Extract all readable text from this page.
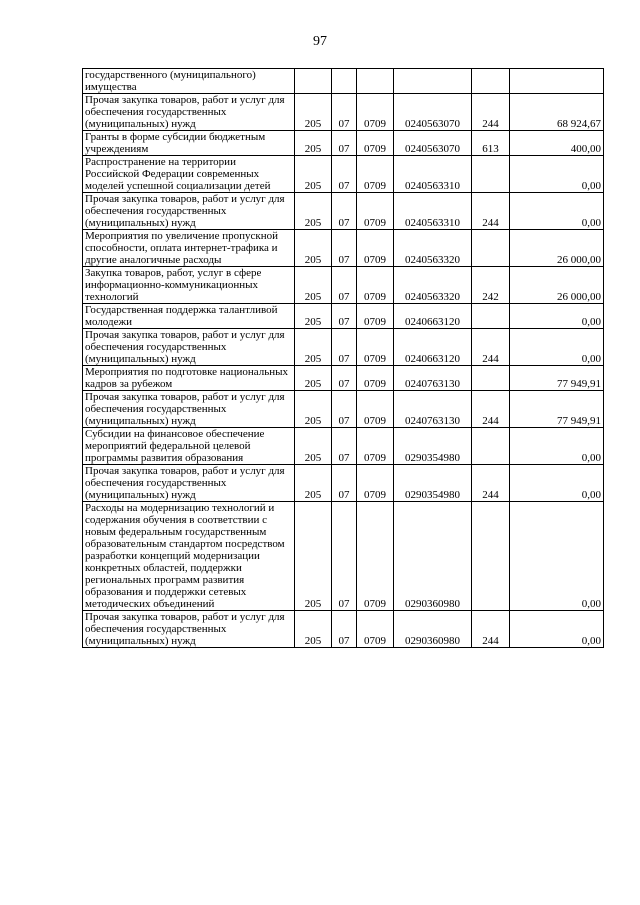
97
государственного (муниципального) имущества						
Прочая закупка товаров, работ и услуг для обеспечения государственных (муниципальных) нужд	205	07	0709	0240563070	244	68 924,67
Гранты в форме субсидии бюджетным учреждениям	205	07	0709	0240563070	613	400,00
Распространение на территории Российской Федерации современных моделей успешной социализации детей	205	07	0709	0240563310		0,00
Прочая закупка товаров, работ и услуг для обеспечения государственных (муниципальных) нужд	205	07	0709	0240563310	244	0,00
Мероприятия по увеличение пропускной способности, оплата интернет-трафика и другие аналогичные расходы	205	07	0709	0240563320		26 000,00
Закупка товаров, работ, услуг в сфере информационно-коммуникационных технологий	205	07	0709	0240563320	242	26 000,00
Государственная поддержка талантливой молодежи	205	07	0709	0240663120		0,00
Прочая закупка товаров, работ и услуг для обеспечения государственных (муниципальных) нужд	205	07	0709	0240663120	244	0,00
Мероприятия по подготовке национальных кадров за рубежом	205	07	0709	0240763130		77 949,91
Прочая закупка товаров, работ и услуг для обеспечения государственных (муниципальных) нужд	205	07	0709	0240763130	244	77 949,91
Субсидии на финансовое обеспечение мероприятий федеральной целевой программы развития образования	205	07	0709	0290354980		0,00
Прочая закупка товаров, работ и услуг для обеспечения государственных (муниципальных) нужд	205	07	0709	0290354980	244	0,00
Расходы на модернизацию технологий и содержания обучения в соответствии с новым федеральным государственным образовательным стандартом посредством разработки концепций модернизации конкретных областей, поддержки региональных программ развития образования и поддержки сетевых методических объединений	205	07	0709	0290360980		0,00
Прочая закупка товаров, работ и услуг для обеспечения государственных (муниципальных) нужд	205	07	0709	0290360980	244	0,00
